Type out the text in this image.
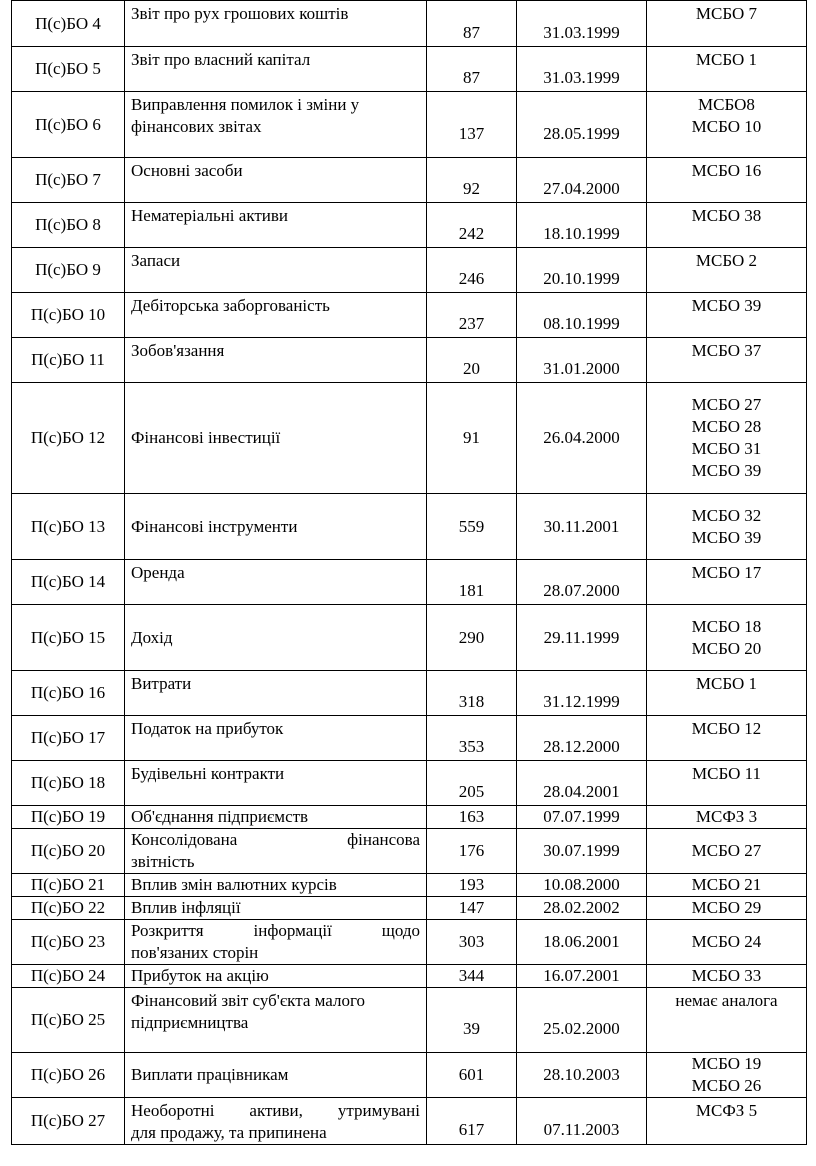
П(с)БО 4	Звіт про рух грошових коштів	87	31.03.1999	МСБО 7

П(с)БО 5	Звіт про власний капітал	87	31.03.1999	МСБО 1

П(с)БО 6	Виправлення помилок і зміни у фінансових звітах	137	28.05.1999	МСБО8
МСБО 10

П(с)БО 7	Основні засоби	92	27.04.2000	МСБО 16

П(с)БО 8	Нематеріальні активи	242	18.10.1999	МСБО 38

П(с)БО 9	Запаси	246	20.10.1999	МСБО 2

П(с)БО 10	Дебіторська заборгованість	237	08.10.1999	МСБО 39

П(с)БО 11	Зобов'язання	20	31.01.2000	МСБО 37

П(с)БО 12	Фінансові інвестиції	91	26.04.2000	МСБО 27
МСБО 28
МСБО 31
МСБО 39

П(с)БО 13	Фінансові інструменти	559	30.11.2001	МСБО 32
МСБО 39

П(с)БО 14	Оренда	181	28.07.2000	МСБО 17

П(с)БО 15	Дохід	290	29.11.1999	МСБО 18
МСБО 20

П(с)БО 16	Витрати	318	31.12.1999	МСБО 1

П(с)БО 17	Податок на прибуток	353	28.12.2000	МСБО 12

П(с)БО 18	Будівельні контракти	205	28.04.2001	МСБО 11

П(с)БО 19	Об'єднання підприємств	163	07.07.1999	МСФЗ 3

П(с)БО 20	Консолідована фінансова
звітність	176	30.07.1999	МСБО 27

П(с)БО 21	Вплив змін валютних курсів	193	10.08.2000	МСБО 21

П(с)БО 22	Вплив інфляції	147	28.02.2002	МСБО 29

П(с)БО 23	Розкриття інформації щодо
пов'язаних сторін	303	18.06.2001	МСБО 24

П(с)БО 24	Прибуток на акцію	344	16.07.2001	МСБО 33

П(с)БО 25	Фінансовий звіт суб'єкта малого підприємництва	39	25.02.2000	немає аналога

П(с)БО 26	Виплати працівникам	601	28.10.2003	МСБО 19
МСБО 26

П(с)БО 27	Необоротні активи, утримувані
для продажу, та припинена	617	07.11.2003	МСФЗ 5
